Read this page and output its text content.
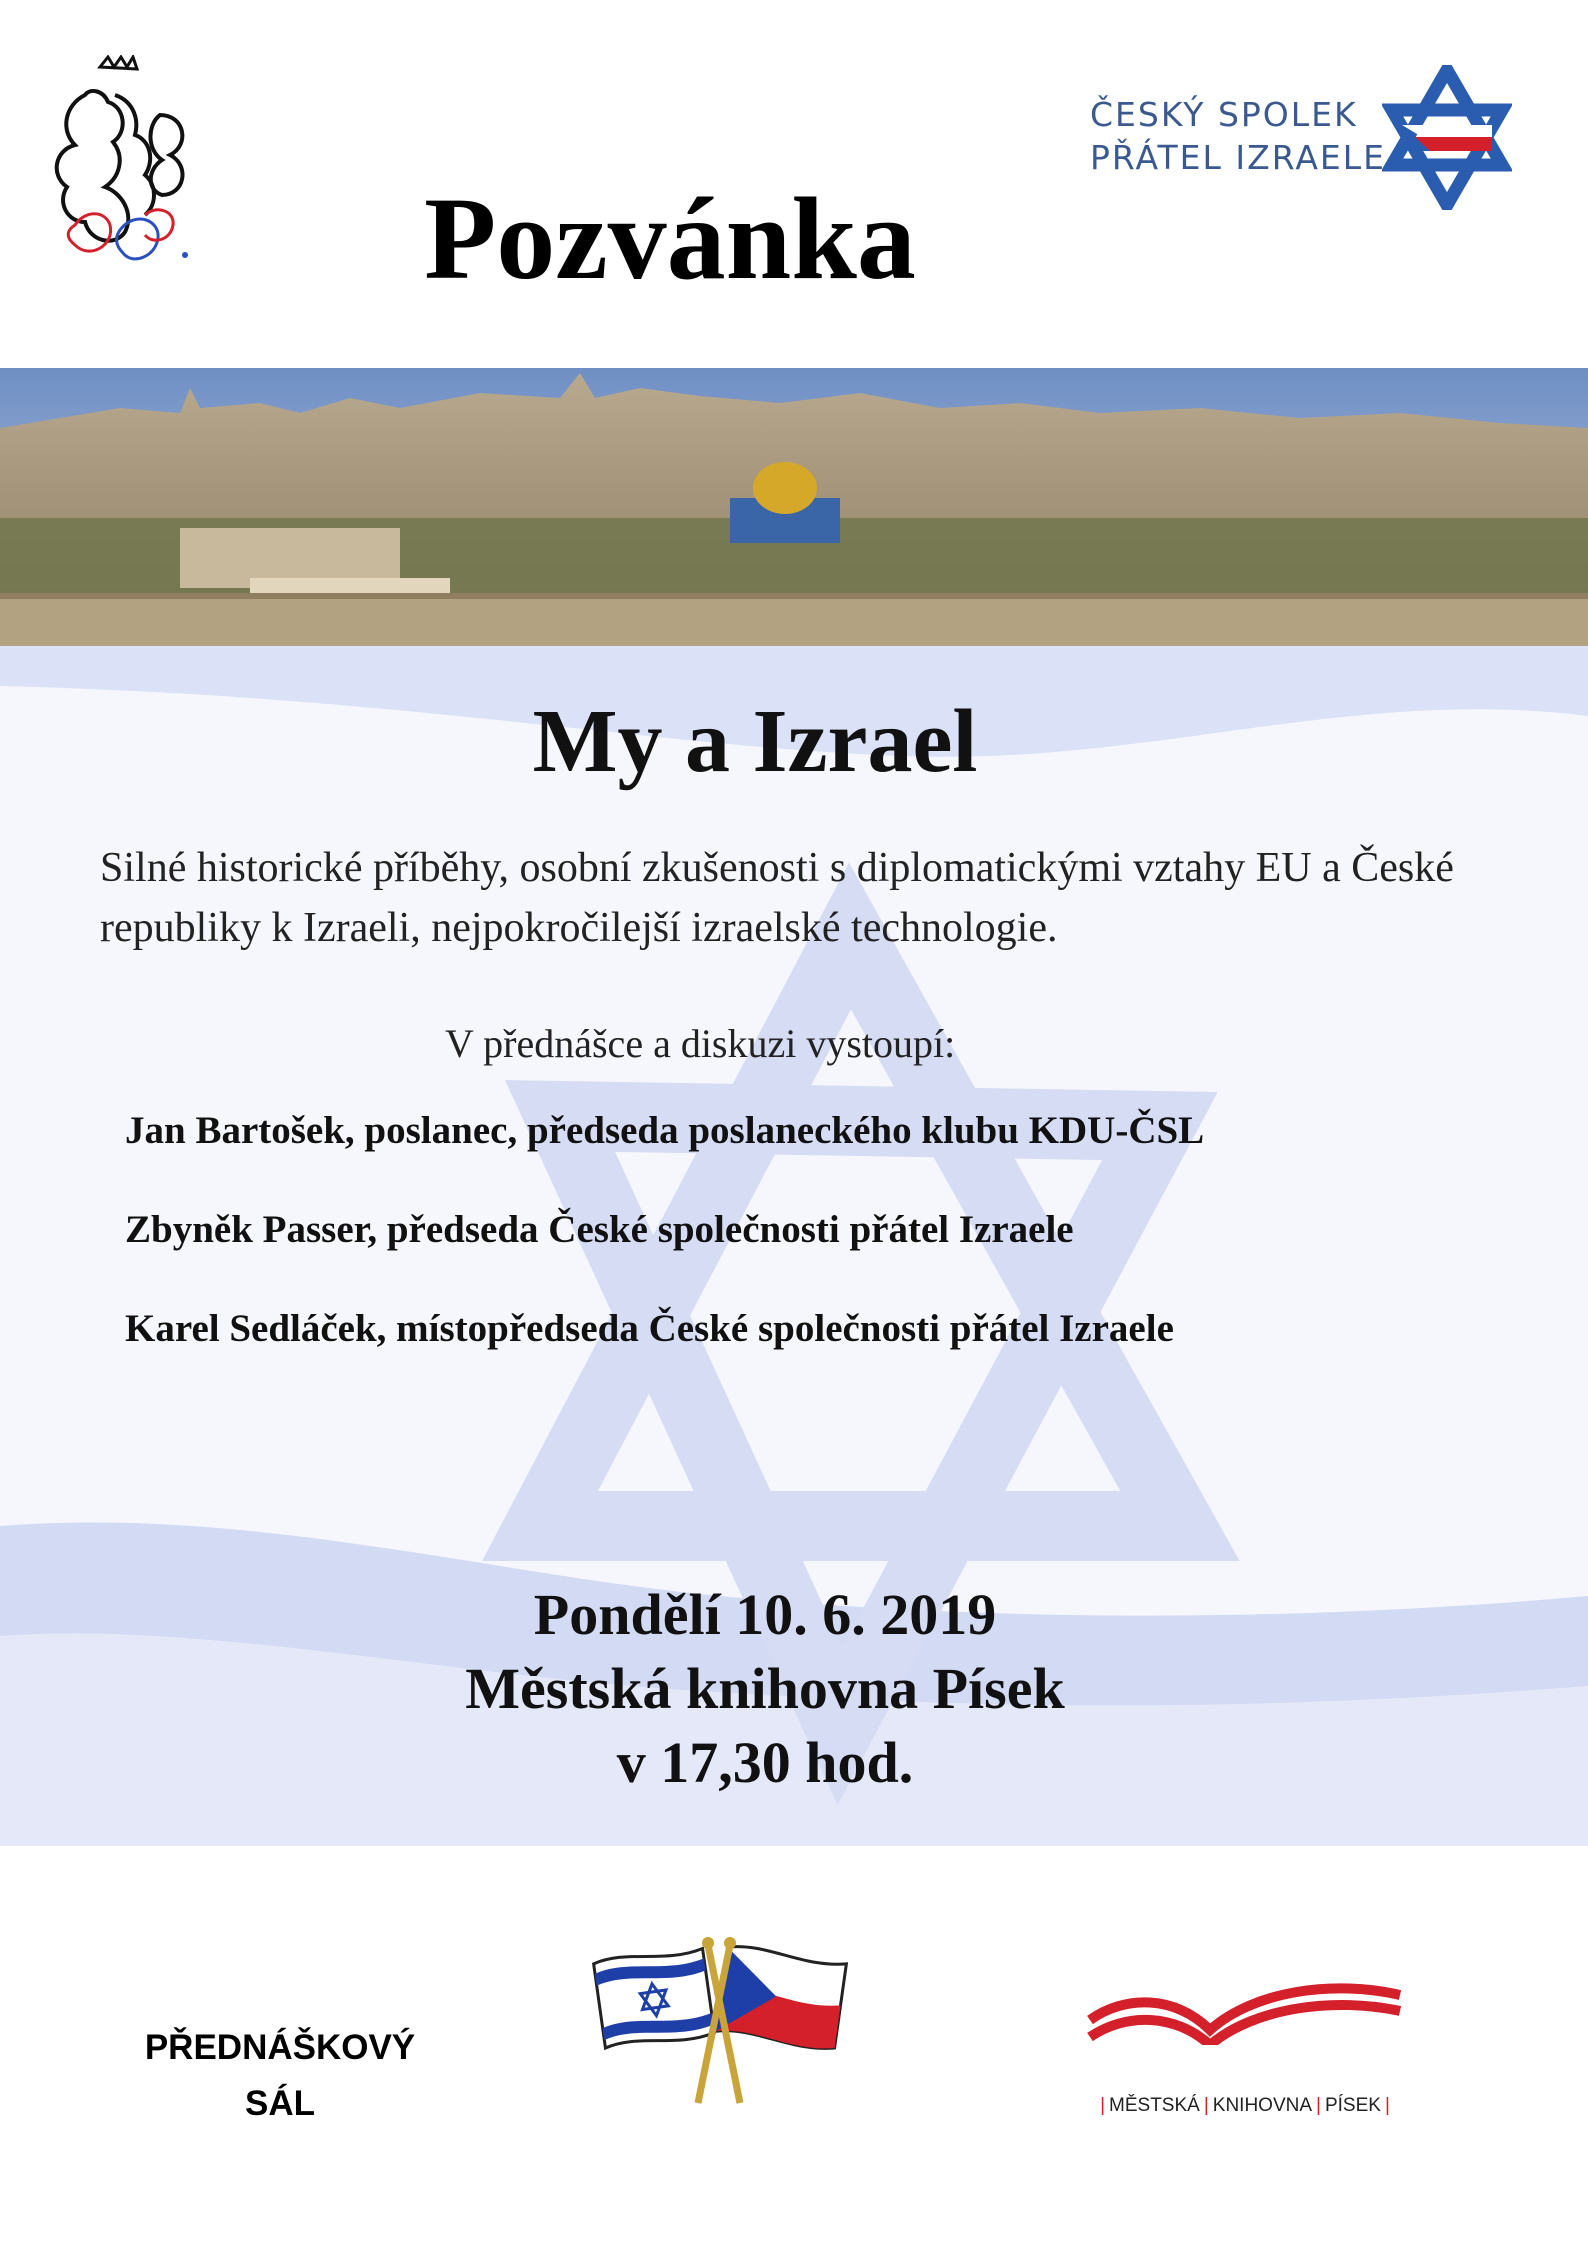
ČESKÝ SPOLEK
PŘÁTEL IZRAELE
Pozvánka
My a Izrael
Silné historické příběhy, osobní zkušenosti s diplomatickými vztahy EU a České republiky k Izraeli, nejpokročilejší izraelské technologie.
V přednášce a diskuzi vystoupí:
Jan Bartošek, poslanec, předseda poslaneckého klubu KDU-ČSL
Zbyněk Passer, předseda České společnosti přátel Izraele
Karel Sedláček, místopředseda České společnosti přátel Izraele
Pondělí 10. 6. 2019
Městská knihovna Písek
v 17,30 hod.
PŘEDNÁŠKOVÝ
SÁL	| MĚSTSKÁ | KNIHOVNA | PÍSEK |
